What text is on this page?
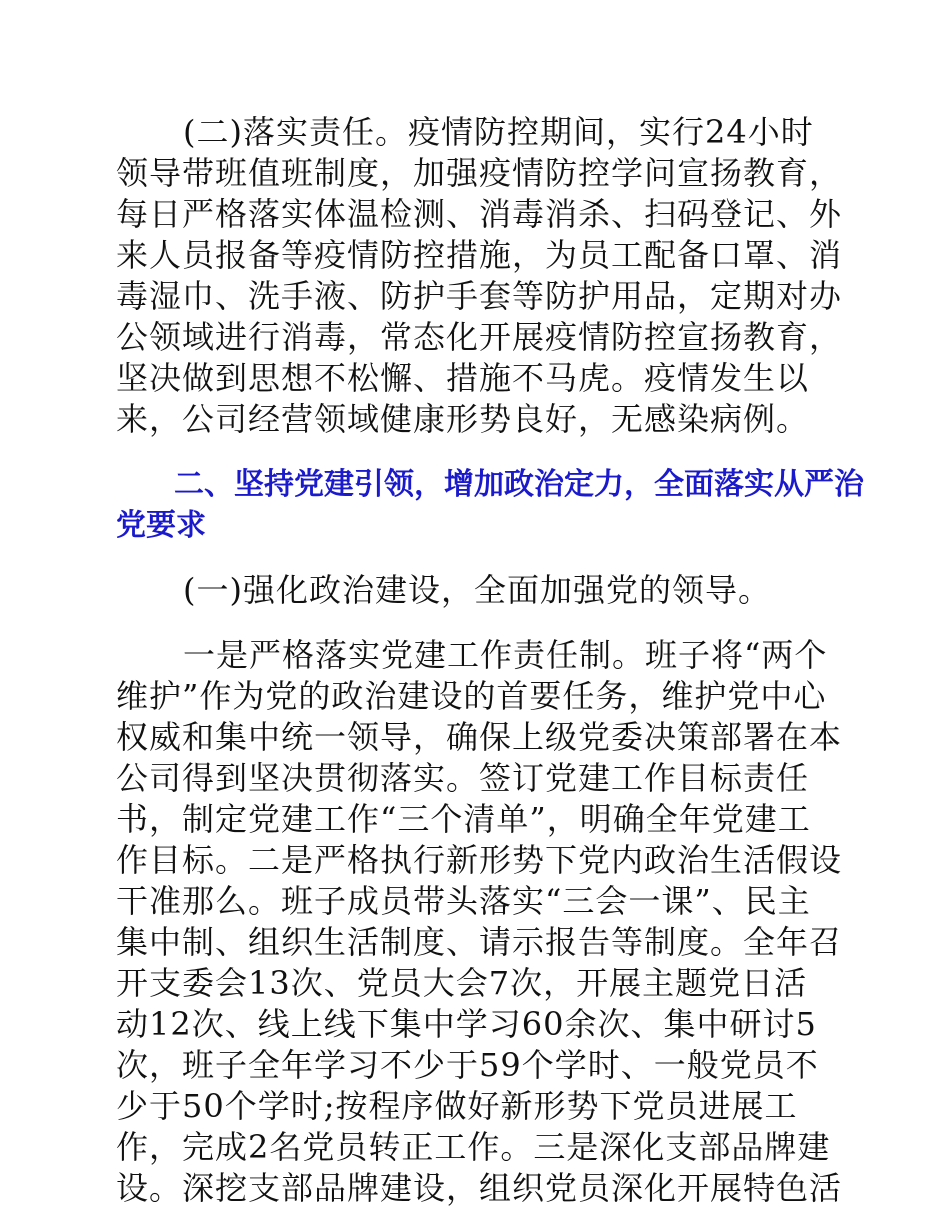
(二)落实责任。疫情防控期间，实行24小时
领导带班值班制度，加强疫情防控学问宣扬教育，
每日严格落实体温检测、消毒消杀、扫码登记、外
来人员报备等疫情防控措施，为员工配备口罩、消
毒湿巾、洗手液、防护手套等防护用品，定期对办
公领域进行消毒，常态化开展疫情防控宣扬教育，
坚决做到思想不松懈、措施不马虎。疫情发生以
来，公司经营领域健康形势良好，无感染病例。
二、坚持党建引领，增加政治定力，全面落实从严治
党要求
(一)强化政治建设，全面加强党的领导。
一是严格落实党建工作责任制。班子将“两个
维护”作为党的政治建设的首要任务，维护党中心
权威和集中统一领导，确保上级党委决策部署在本
公司得到坚决贯彻落实。签订党建工作目标责任
书，制定党建工作“三个清单”，明确全年党建工
作目标。二是严格执行新形势下党内政治生活假设
干准那么。班子成员带头落实“三会一课”、民主
集中制、组织生活制度、请示报告等制度。全年召
开支委会13次、党员大会7次，开展主题党日活
动12次、线上线下集中学习60余次、集中研讨5
次，班子全年学习不少于59个学时、一般党员不
少于50个学时;按程序做好新形势下党员进展工
作，完成2名党员转正工作。三是深化支部品牌建
设。深挖支部品牌建设，组织党员深化开展特色活
